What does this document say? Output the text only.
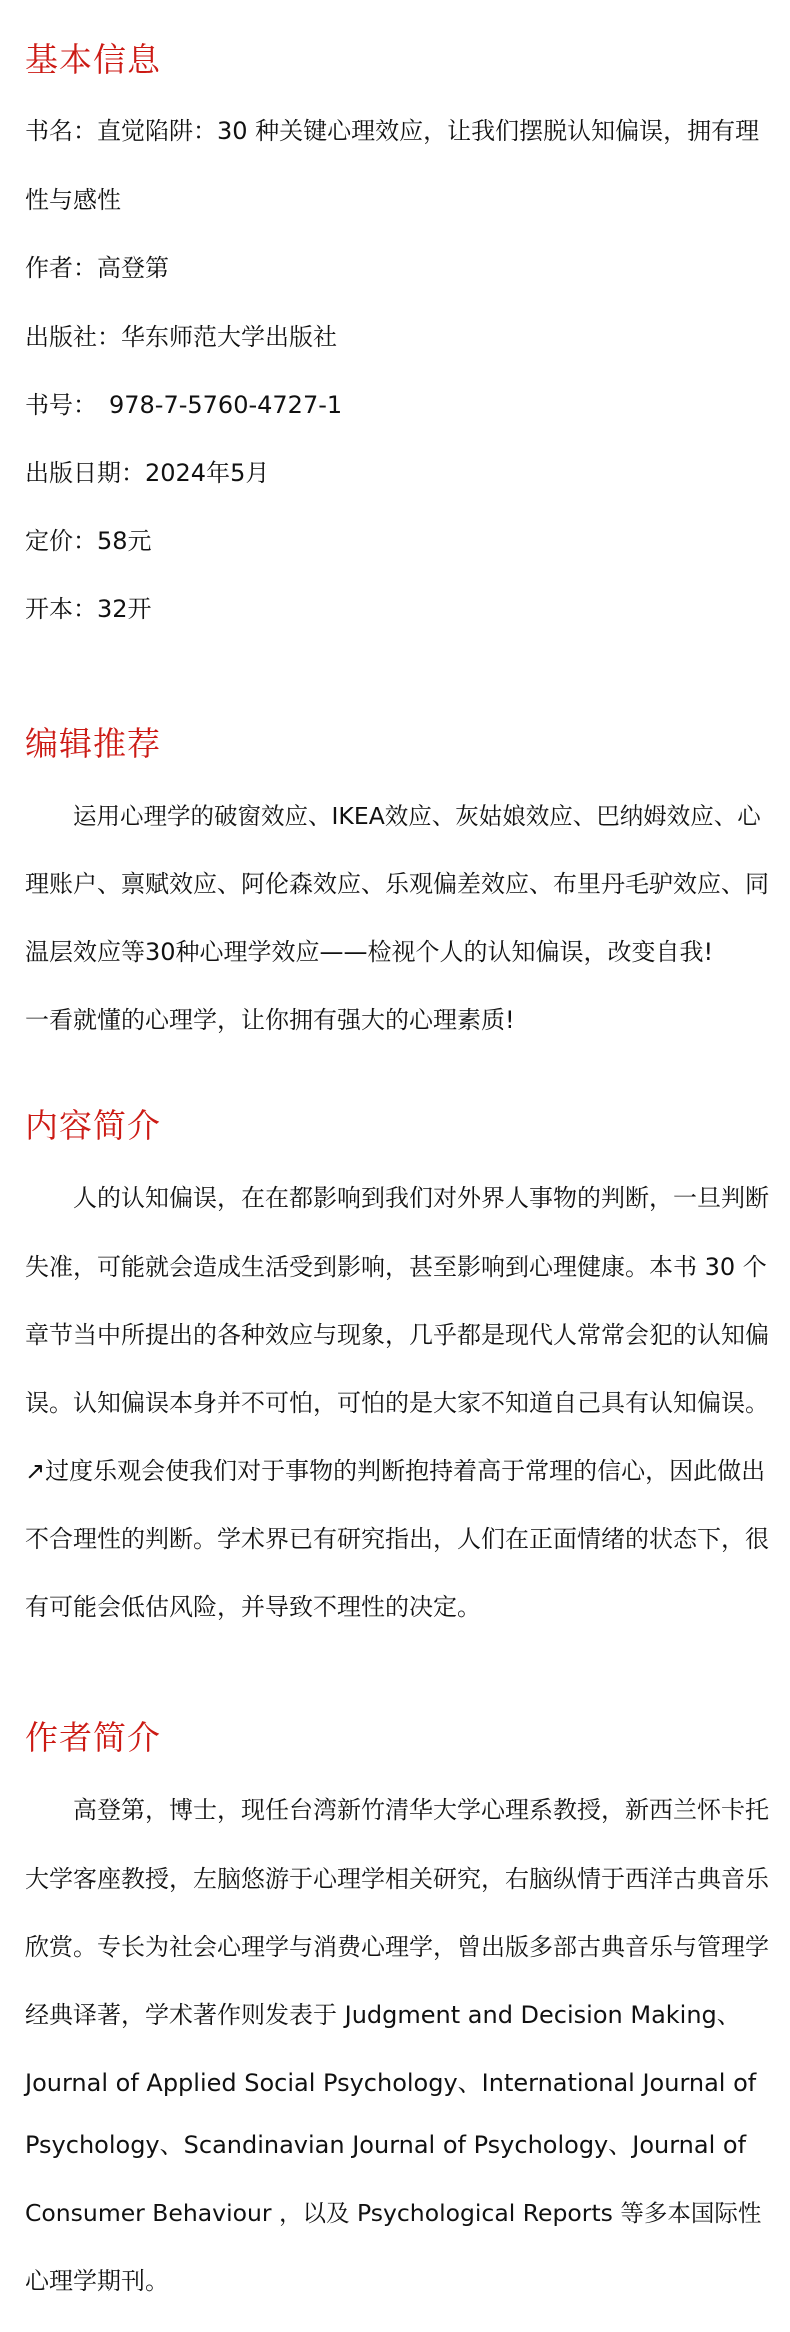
基本信息

书名：直觉陷阱：30 种关键心理效应，让我们摆脱认知偏误，拥有理

性与感性

作者：高登第

出版社：华东师范大学出版社

书号：　978-7-5760-4727-1

出版日期：2024年5月

定价：58元

开本：32开

编辑推荐

运用心理学的破窗效应、IKEA效应、灰姑娘效应、巴纳姆效应、心

理账户、禀赋效应、阿伦森效应、乐观偏差效应、布里丹毛驴效应、同

温层效应等30种心理学效应——检视个人的认知偏误，改变自我!

一看就懂的心理学，让你拥有强大的心理素质!

内容简介

人的认知偏误，在在都影响到我们对外界人事物的判断，一旦判断

失准，可能就会造成生活受到影响，甚至影响到心理健康。本书 30 个

章节当中所提出的各种效应与现象，几乎都是现代人常常会犯的认知偏

误。认知偏误本身并不可怕，可怕的是大家不知道自己具有认知偏误。

↗过度乐观会使我们对于事物的判断抱持着高于常理的信心，因此做出

不合理性的判断。学术界已有研究指出，人们在正面情绪的状态下，很

有可能会低估风险，并导致不理性的决定。

作者简介

高登第，博士，现任台湾新竹清华大学心理系教授，新西兰怀卡托

大学客座教授，左脑悠游于心理学相关研究，右脑纵情于西洋古典音乐

欣赏。专长为社会心理学与消费心理学，曾出版多部古典音乐与管理学

经典译著，学术著作则发表于 Judgment and Decision Making、

Journal of Applied Social Psychology、International Journal of

Psychology、Scandinavian Journal of Psychology、Journal of

Consumer Behaviour ，以及 Psychological Reports 等多本国际性

心理学期刊。
